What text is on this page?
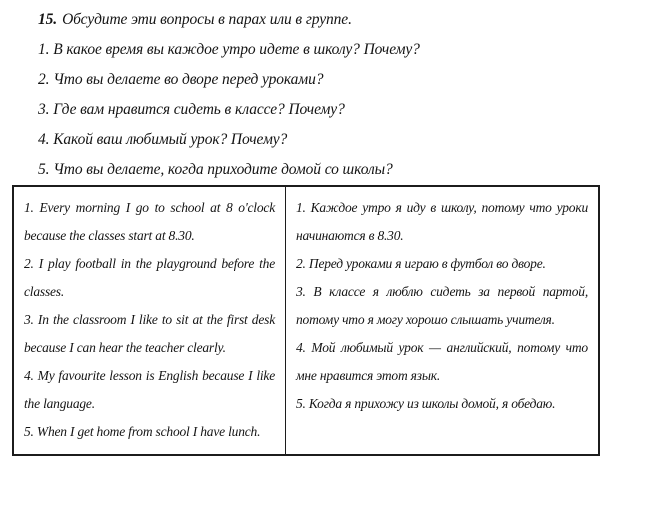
15. Обсудите эти вопросы в парах или в группе.
1. В какое время вы каждое утро идете в школу? Почему?
2. Что вы делаете во дворе перед уроками?
3. Где вам нравится сидеть в классе? Почему?
4. Какой ваш любимый урок? Почему?
5. Что вы делаете, когда приходите домой со школы?

1. Every morning I go to school at 8 o'clock because the classes start at 8.30.

2. I play football in the playground before the classes.

3. In the classroom I like to sit at the first desk because I can hear the teacher clearly.

4. My favourite lesson is English because I like the language.

5. When I get home from school I have lunch.

1. Каждое утро я иду в школу, потому что уроки начинаются в 8.30.

2. Перед уроками я играю в футбол во дворе.

3. В классе я люблю сидеть за первой партой, потому что я могу хорошо слышать учителя.

4. Мой любимый урок — английский, потому что мне нравится этот язык.

5. Когда я прихожу из школы домой, я обедаю.
